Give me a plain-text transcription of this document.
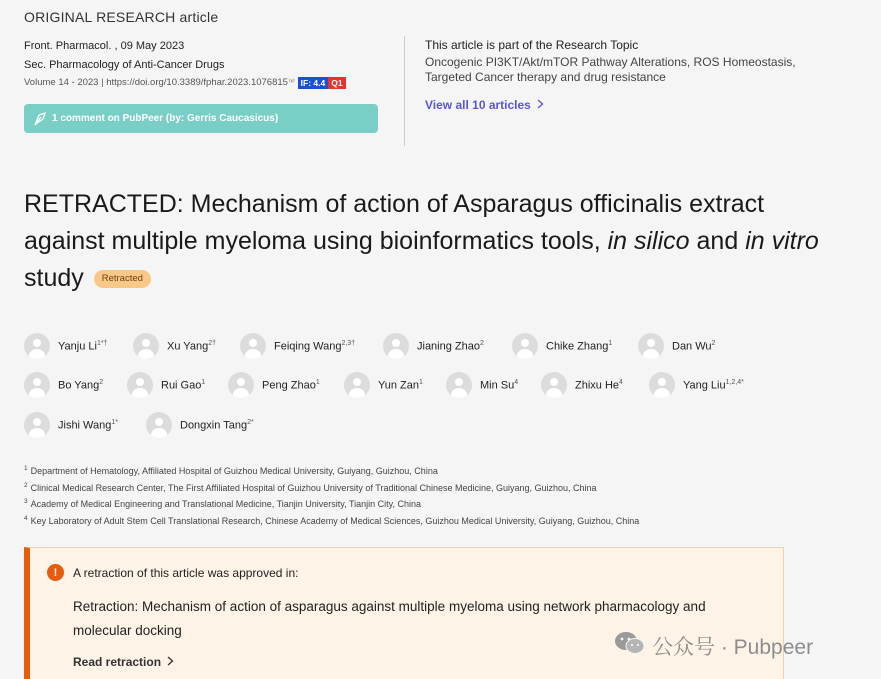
ORIGINAL RESEARCH article
Front. Pharmacol. , 09 May 2023
Sec. Pharmacology of Anti-Cancer Drugs
Volume 14 - 2023 | https://doi.org/10.3389/fphar.2023.1076815 ⁽ˣ⁾ IF: 4.4 Q1
1 comment on PubPeer (by: Gerris Caucasicus)
This article is part of the Research Topic
Oncogenic PI3KT/Akt/mTOR Pathway Alterations, ROS Homeostasis, Targeted Cancer therapy and drug resistance
View all 10 articles
RETRACTED: Mechanism of action of Asparagus officinalis extract against multiple myeloma using bioinformatics tools, in silico and in vitro study Retracted
Yanju $Li^{1*\dagger}$	Xu Yang$^{2\dagger}$	Feiqing Wang$^{2,3\dagger}$	Jianing Zhao$^2$	Chike Zhang$^1$	Dan Wu$^2$
Bo Yang$^2$	Rui Gao$^1$	Peng Zhao$^1$	Yun Zan$^1$	Min Su$^4$	Zhixu He$^4$	Yang Liu$^{1,2,4*}$
Jishi Wang$^{1*}$	Dongxin Tang$^{2*}$
$^1$ Department of Hematology, Affiliated Hospital of Guizhou Medical University, Guiyang, Guizhou, China
$^2$ Clinical Medical Research Center, The First Affiliated Hospital of Guizhou University of Traditional Chinese Medicine, Guiyang, Guizhou, China
$^3$ Academy of Medical Engineering and Translational Medicine, Tianjin University, Tianjin City, China
$^4$ Key Laboratory of Adult Stem Cell Translational Research, Chinese Academy of Medical Sciences, Guizhou Medical University, Guiyang, Guizhou, China
!	A retraction of this article was approved in:
Retraction: Mechanism of action of asparagus against multiple myeloma using network pharmacology and molecular docking
Read retraction
公众号 · Pubpeer
